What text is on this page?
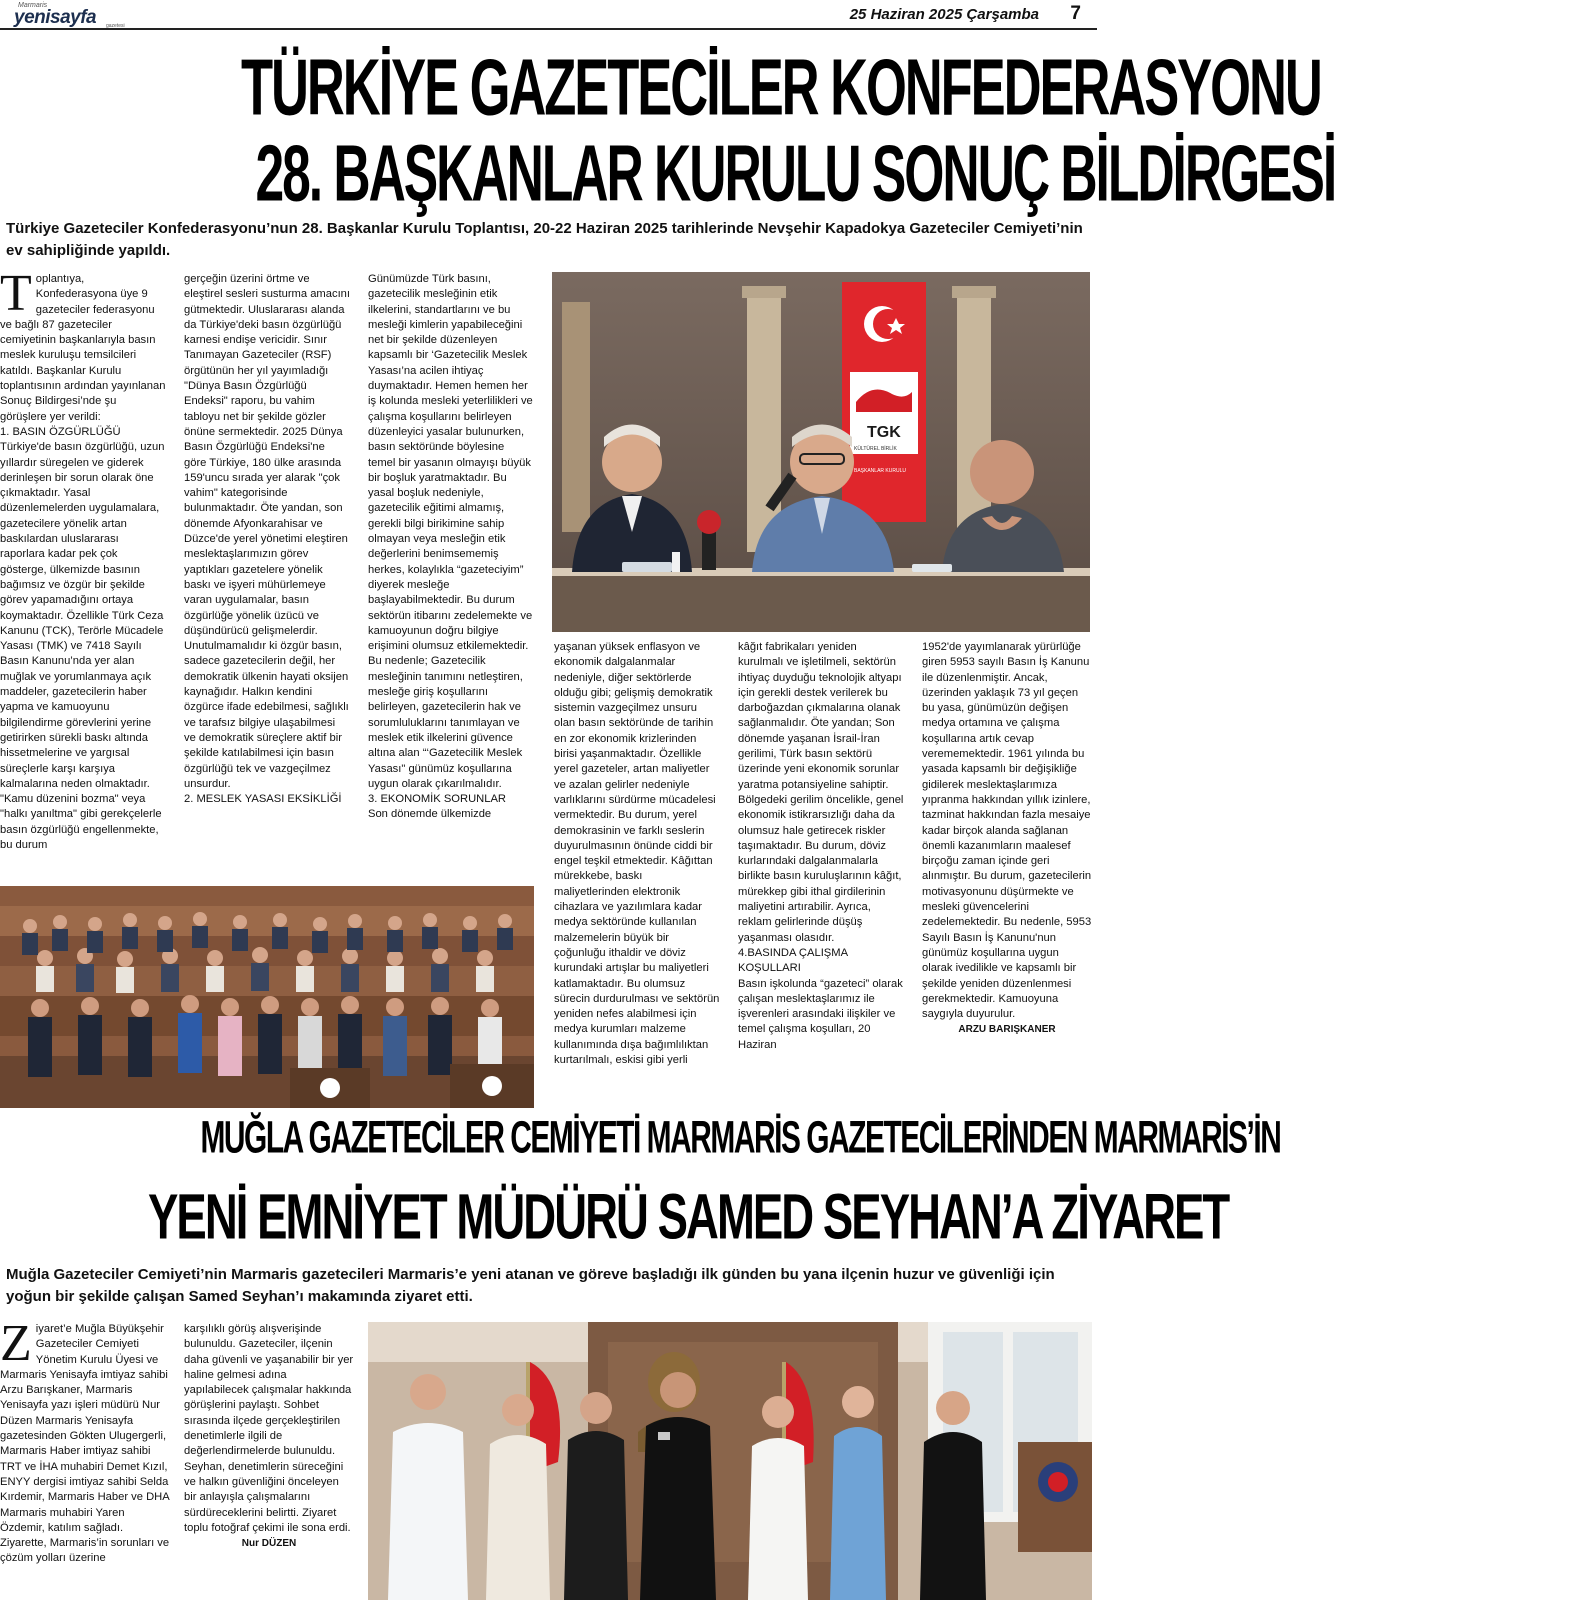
Marmaris
yenisayfa gazetesi
25 Haziran 2025 Çarşamba 7
TÜRKİYE GAZETECİLER KONFEDERASYONU
28. BAŞKANLAR KURULU SONUÇ BİLDİRGESİ
Türkiye Gazeteciler Konfederasyonu’nun 28. Başkanlar Kurulu Toplantısı, 20-22 Haziran 2025 tarihlerinde Nevşehir Kapadokya Gazeteciler Cemiyeti’nin ev sahipliğinde yapıldı.
T oplantıya, Konfederasyona üye 9 gazeteciler federasyonu ve bağlı 87 gazeteciler cemiyetinin başkanlarıyla basın meslek kuruluşu temsilcileri katıldı. Başkanlar Kurulu toplantısının ardından yayınlanan Sonuç Bildirgesi’nde şu görüşlere yer verildi:

1. BASIN ÖZGÜRLÜĞÜ

Türkiye'de basın özgürlüğü, uzun yıllardır süregelen ve giderek derinleşen bir sorun olarak öne çıkmaktadır. Yasal düzenlemelerden uygulamalara, gazetecilere yönelik artan baskılardan uluslararası raporlara kadar pek çok gösterge, ülkemizde basının bağımsız ve özgür bir şekilde görev yapamadığını ortaya koymaktadır. Özellikle Türk Ceza Kanunu (TCK), Terörle Mücadele Yasası (TMK) ve 7418 Sayılı Basın Kanunu’nda yer alan muğlak ve yorumlanmaya açık maddeler, gazetecilerin haber yapma ve kamuoyunu bilgilendirme görevlerini yerine getirirken sürekli baskı altında hissetmelerine ve yargısal süreçlerle karşı karşıya kalmalarına neden olmaktadır. "Kamu düzenini bozma" veya "halkı yanıltma" gibi gerekçelerle basın özgürlüğü engellenmekte, bu durum

gerçeğin üzerini örtme ve eleştirel sesleri susturma amacını gütmektedir. Uluslararası alanda da Türkiye'deki basın özgürlüğü karnesi endişe vericidir. Sınır Tanımayan Gazeteciler (RSF) örgütünün her yıl yayımladığı "Dünya Basın Özgürlüğü Endeksi" raporu, bu vahim tabloyu net bir şekilde gözler önüne sermektedir. 2025 Dünya Basın Özgürlüğü Endeksi'ne göre Türkiye, 180 ülke arasında 159'uncu sırada yer alarak "çok vahim" kategorisinde bulunmaktadır. Öte yandan, son dönemde Afyonkarahisar ve Düzce'de yerel yönetimi eleştiren meslektaşlarımızın görev yaptıkları gazetelere yönelik baskı ve işyeri mühürlemeye varan uygulamalar, basın özgürlüğe yönelik üzücü ve düşündürücü gelişmelerdir. Unutulmamalıdır ki özgür basın, sadece gazetecilerin değil, her demokratik ülkenin hayati oksijen kaynağıdır. Halkın kendini özgürce ifade edebilmesi, sağlıklı ve tarafsız bilgiye ulaşabilmesi ve demokratik süreçlere aktif bir şekilde katılabilmesi için basın özgürlüğü tek ve vazgeçilmez unsurdur.

2. MESLEK YASASI EKSİKLİĞİ

Günümüzde Türk basını, gazetecilik mesleğinin etik ilkelerini, standartlarını ve bu mesleği kimlerin yapabileceğini net bir şekilde düzenleyen kapsamlı bir ‘Gazetecilik Meslek Yasası’na acilen ihtiyaç duymaktadır. Hemen hemen her iş kolunda mesleki yeterlilikleri ve çalışma koşullarını belirleyen düzenleyici yasalar bulunurken, basın sektöründe böylesine temel bir yasanın olmayışı büyük bir boşluk yaratmaktadır. Bu yasal boşluk nedeniyle, gazetecilik eğitimi almamış, gerekli bilgi birikimine sahip olmayan veya mesleğin etik değerlerini benimsememiş herkes, kolaylıkla “gazeteciyim” diyerek mesleğe başlayabilmektedir. Bu durum sektörün itibarını zedelemekte ve kamuoyunun doğru bilgiye erişimini olumsuz etkilemektedir. Bu nedenle; Gazetecilik mesleğinin tanımını netleştiren, mesleğe giriş koşullarını belirleyen, gazetecilerin hak ve sorumluluklarını tanımlayan ve meslek etik ilkelerini güvence altına alan “‘Gazetecilik Meslek Yasası" günümüz koşullarına uygun olarak çıkarılmalıdır.

3. EKONOMİK SORUNLAR

Son dönemde ülkemizde

TGK
KÜLTÜREL BİRLİK
BAŞKANLAR KURULU

yaşanan yüksek enflasyon ve ekonomik dalgalanmalar nedeniyle, diğer sektörlerde olduğu gibi; gelişmiş demokratik sistemin vazgeçilmez unsuru olan basın sektöründe de tarihin en zor ekonomik krizlerinden birisi yaşanmaktadır. Özellikle yerel gazeteler, artan maliyetler ve azalan gelirler nedeniyle varlıklarını sürdürme mücadelesi vermektedir. Bu durum, yerel demokrasinin ve farklı seslerin duyurulmasının önünde ciddi bir engel teşkil etmektedir. Kâğıttan mürekkebe, baskı maliyetlerinden elektronik cihazlara ve yazılımlara kadar medya sektöründe kullanılan malzemelerin büyük bir çoğunluğu ithaldir ve döviz kurundaki artışlar bu maliyetleri katlamaktadır. Bu olumsuz sürecin durdurulması ve sektörün yeniden nefes alabilmesi için medya kurumları malzeme kullanımında dışa bağımlılıktan kurtarılmalı, eskisi gibi yerli

kâğıt fabrikaları yeniden kurulmalı ve işletilmeli, sektörün ihtiyaç duyduğu teknolojik altyapı için gerekli destek verilerek bu darboğazdan çıkmalarına olanak sağlanmalıdır. Öte yandan; Son dönemde yaşanan İsrail-İran gerilimi, Türk basın sektörü üzerinde yeni ekonomik sorunlar yaratma potansiyeline sahiptir. Bölgedeki gerilim öncelikle, genel ekonomik istikrarsızlığı daha da olumsuz hale getirecek riskler taşımaktadır. Bu durum, döviz kurlarındaki dalgalanmalarla birlikte basın kuruluşlarının kâğıt, mürekkep gibi ithal girdilerinin maliyetini artırabilir. Ayrıca, reklam gelirlerinde düşüş yaşanması olasıdır.

4.BASINDA ÇALIŞMA KOŞULLARI

Basın işkolunda “gazeteci” olarak çalışan meslektaşlarımız ile işverenleri arasındaki ilişkiler ve temel çalışma koşulları, 20 Haziran

1952'de yayımlanarak yürürlüğe giren 5953 sayılı Basın İş Kanunu ile düzenlenmiştir. Ancak, üzerinden yaklaşık 73 yıl geçen bu yasa, günümüzün değişen medya ortamına ve çalışma koşullarına artık cevap verememektedir. 1961 yılında bu yasada kapsamlı bir değişikliğe gidilerek meslektaşlarımıza yıpranma hakkından yıllık izinlere, tazminat hakkından fazla mesaiye kadar birçok alanda sağlanan önemli kazanımların maalesef birçoğu zaman içinde geri alınmıştır. Bu durum, gazetecilerin motivasyonunu düşürmekte ve mesleki güvencelerini zedelemektedir. Bu nedenle, 5953 Sayılı Basın İş Kanunu'nun günümüz koşullarına uygun olarak ivedilikle ve kapsamlı bir şekilde yeniden düzenlenmesi gerekmektedir. Kamuoyuna saygıyla duyurulur.

ARZU BARIŞKANER

MUĞLA GAZETECİLER CEMİYETİ MARMARİS GAZETECİLERİNDEN MARMARİS’İN
YENİ EMNİYET MÜDÜRÜ SAMED SEYHAN’A ZİYARET
Muğla Gazeteciler Cemiyeti’nin Marmaris gazetecileri Marmaris’e yeni atanan ve göreve başladığı ilk günden bu yana ilçenin huzur ve güvenliği için yoğun bir şekilde çalışan Samed Seyhan’ı makamında ziyaret etti.
Z iyaret’e Muğla Büyükşehir Gazeteciler Cemiyeti Yönetim Kurulu Üyesi ve Marmaris Yenisayfa imtiyaz sahibi Arzu Barışkaner, Marmaris Yenisayfa yazı işleri müdürü Nur Düzen Marmaris Yenisayfa gazetesinden Gökten Ulugergerli, Marmaris Haber imtiyaz sahibi TRT ve İHA muhabiri Demet Kızıl, ENYY dergisi imtiyaz sahibi Selda Kırdemir, Marmaris Haber ve DHA Marmaris muhabiri Yaren Özdemir, katılım sağladı. Ziyarette, Marmaris’in sorunları ve çözüm yolları üzerine

karşılıklı görüş alışverişinde bulunuldu. Gazeteciler, ilçenin daha güvenli ve yaşanabilir bir yer haline gelmesi adına yapılabilecek çalışmalar hakkında görüşlerini paylaştı. Sohbet sırasında ilçede gerçekleştirilen denetimlerle ilgili de değerlendirmelerde bulunuldu. Seyhan, denetimlerin süreceğini ve halkın güvenliğini önceleyen bir anlayışla çalışmalarını sürdüreceklerini belirtti. Ziyaret toplu fotoğraf çekimi ile sona erdi.

Nur DÜZEN
